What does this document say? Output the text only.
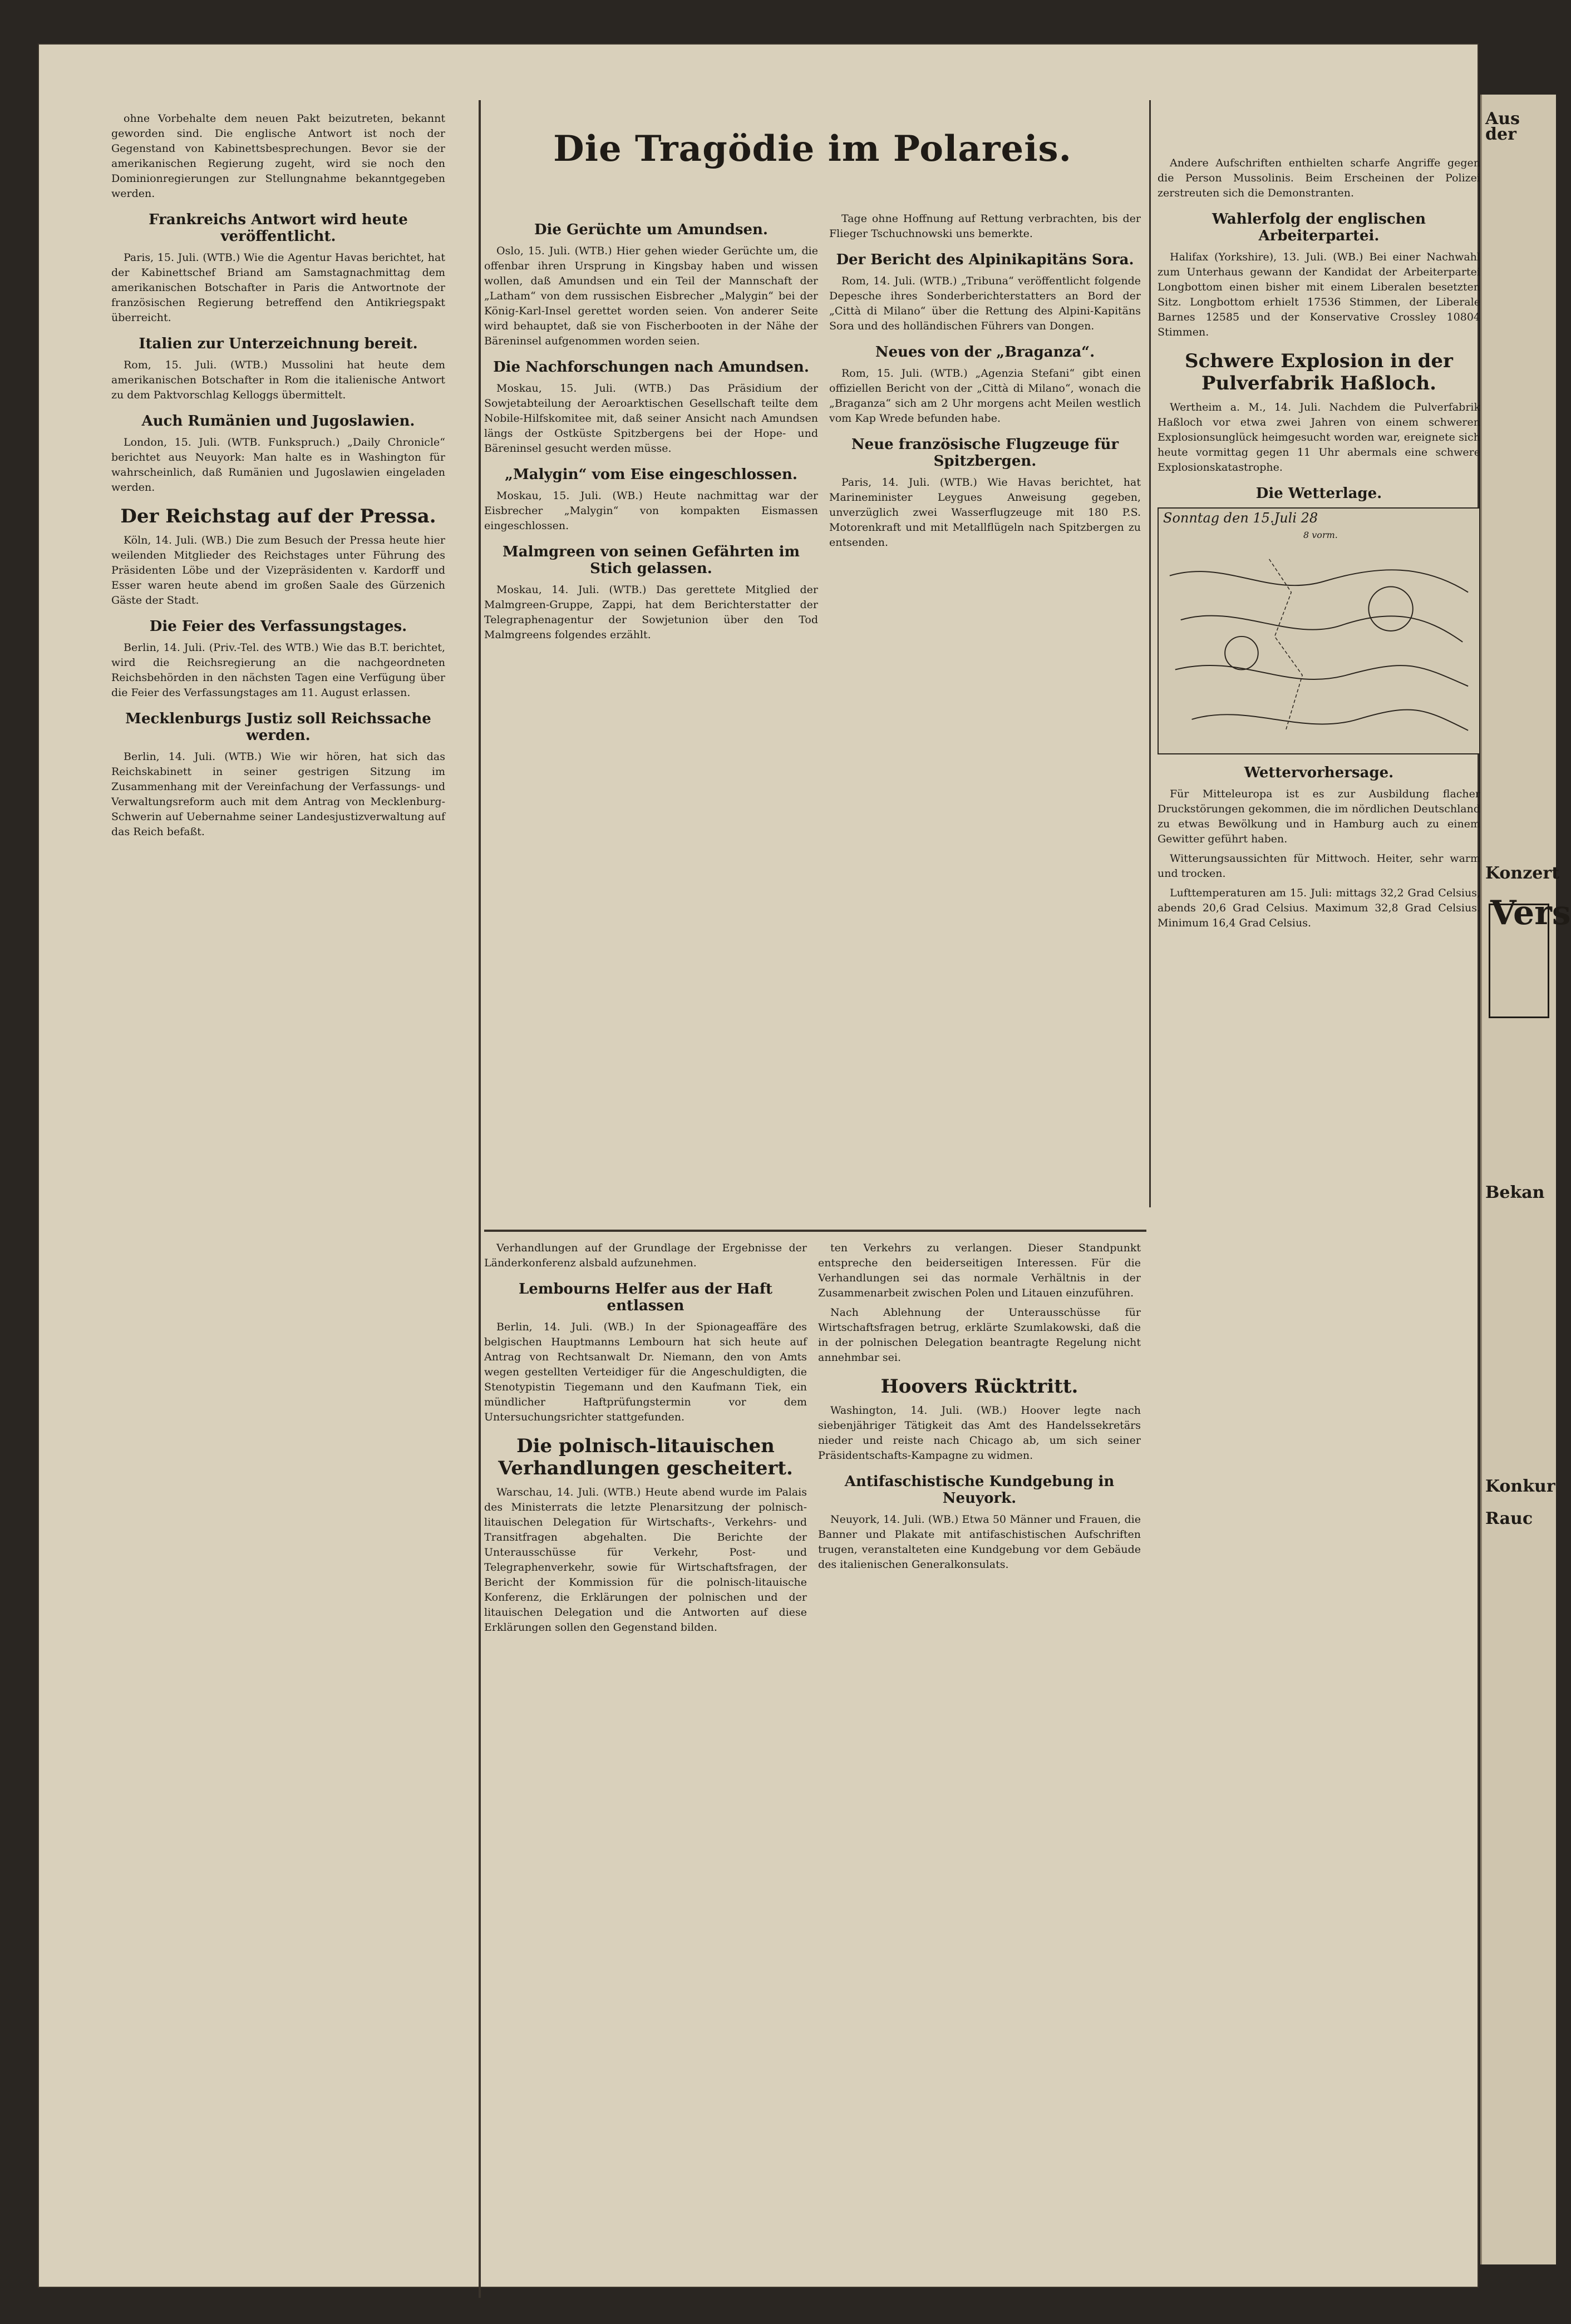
Die Tragödie im Polareis.

ohne Vorbehalte dem neuen Pakt beizutreten, bekannt geworden sind. Die englische Antwort ist noch der Gegenstand von Kabinettsbesprechungen. Bevor sie der amerikanischen Regierung zugeht, wird sie noch den Dominionregierungen zur Stellungnahme bekanntgegeben werden.

Frankreichs Antwort wird heute veröffentlicht.

Paris, 15. Juli. (WTB.) Wie die Agentur Havas berichtet, hat der Kabinettschef Briand am Samstagnachmittag dem amerikanischen Botschafter in Paris die Antwortnote der französischen Regierung betreffend den Antikriegspakt überreicht.

Italien zur Unterzeichnung bereit.

Rom, 15. Juli. (WTB.) Mussolini hat heute dem amerikanischen Botschafter in Rom die italienische Antwort zu dem Paktvorschlag Kelloggs übermittelt.

Auch Rumänien und Jugoslawien.

London, 15. Juli. (WTB. Funkspruch.) „Daily Chronicle“ berichtet aus Neuyork: Man halte es in Washington für wahrscheinlich, daß Rumänien und Jugoslawien eingeladen werden.

Der Reichstag auf der Pressa.

Köln, 14. Juli. (WB.) Die zum Besuch der Pressa heute hier weilenden Mitglieder des Reichstages unter Führung des Präsidenten Löbe und der Vizepräsidenten v. Kardorff und Esser waren heute abend im großen Saale des Gürzenich Gäste der Stadt.

Die Feier des Verfassungstages.

Berlin, 14. Juli. (Priv.-Tel. des WTB.) Wie das B.T. berichtet, wird die Reichsregierung an die nachgeordneten Reichsbehörden in den nächsten Tagen eine Verfügung über die Feier des Verfassungstages am 11. August erlassen.

Mecklenburgs Justiz soll Reichssache werden.

Berlin, 14. Juli. (WTB.) Wie wir hören, hat sich das Reichskabinett in seiner gestrigen Sitzung im Zusammenhang mit der Vereinfachung der Verfassungs- und Verwaltungsreform auch mit dem Antrag von Mecklenburg-Schwerin auf Uebernahme seiner Landesjustizverwaltung auf das Reich befaßt.

Die Gerüchte um Amundsen.

Oslo, 15. Juli. (WTB.) Hier gehen wieder Gerüchte um, die offenbar ihren Ursprung in Kingsbay haben und wissen wollen, daß Amundsen und ein Teil der Mannschaft der „Latham“ von dem russischen Eisbrecher „Malygin“ bei der König-Karl-Insel gerettet worden seien. Von anderer Seite wird behauptet, daß sie von Fischerbooten in der Nähe der Bäreninsel aufgenommen worden seien.

Die Nachforschungen nach Amundsen.

Moskau, 15. Juli. (WTB.) Das Präsidium der Sowjetabteilung der Aeroarktischen Gesellschaft teilte dem Nobile-Hilfskomitee mit, daß seiner Ansicht nach Amundsen längs der Ostküste Spitzbergens bei der Hope- und Bäreninsel gesucht werden müsse.

„Malygin“ vom Eise eingeschlossen.

Moskau, 15. Juli. (WB.) Heute nachmittag war der Eisbrecher „Malygin“ von kompakten Eismassen eingeschlossen.

Malmgreen von seinen Gefährten im Stich gelassen.

Moskau, 14. Juli. (WTB.) Das gerettete Mitglied der Malmgreen-Gruppe, Zappi, hat dem Berichterstatter der Telegraphenagentur der Sowjetunion über den Tod Malmgreens folgendes erzählt.

Tage ohne Hoffnung auf Rettung verbrachten, bis der Flieger Tschuchnowski uns bemerkte.

Der Bericht des Alpinikapitäns Sora.

Rom, 14. Juli. (WTB.) „Tribuna“ veröffentlicht folgende Depesche ihres Sonderberichterstatters an Bord der „Città di Milano“ über die Rettung des Alpini-Kapitäns Sora und des holländischen Führers van Dongen.

Neues von der „Braganza“.

Rom, 15. Juli. (WTB.) „Agenzia Stefani“ gibt einen offiziellen Bericht von der „Città di Milano“, wonach die „Braganza“ sich am 2 Uhr morgens acht Meilen westlich vom Kap Wrede befunden habe.

Neue französische Flugzeuge für Spitzbergen.

Paris, 14. Juli. (WTB.) Wie Havas berichtet, hat Marineminister Leygues Anweisung gegeben, unverzüglich zwei Wasserflugzeuge mit 180 P.S. Motorenkraft und mit Metallflügeln nach Spitzbergen zu entsenden.

Andere Aufschriften enthielten scharfe Angriffe gegen die Person Mussolinis. Beim Erscheinen der Polizei zerstreuten sich die Demonstranten.

Wahlerfolg der englischen Arbeiterpartei.

Halifax (Yorkshire), 13. Juli. (WB.) Bei einer Nachwahl zum Unterhaus gewann der Kandidat der Arbeiterpartei Longbottom einen bisher mit einem Liberalen besetzten Sitz. Longbottom erhielt 17536 Stimmen, der Liberale Barnes 12585 und der Konservative Crossley 10804 Stimmen.

Schwere Explosion in der Pulverfabrik Haßloch.

Wertheim a. M., 14. Juli. Nachdem die Pulverfabrik Haßloch vor etwa zwei Jahren von einem schweren Explosionsunglück heimgesucht worden war, ereignete sich heute vormittag gegen 11 Uhr abermals eine schwere Explosionskatastrophe.

Die Wetterlage.
Sonntag den 15.Juli 28
8 vorm.
Wettervorhersage.

Für Mitteleuropa ist es zur Ausbildung flacher Druckstörungen gekommen, die im nördlichen Deutschland zu etwas Bewölkung und in Hamburg auch zu einem Gewitter geführt haben.

Witterungsaussichten für Mittwoch. Heiter, sehr warm und trocken.

Lufttemperaturen am 15. Juli: mittags 32,2 Grad Celsius, abends 20,6 Grad Celsius. Maximum 32,8 Grad Celsius. Minimum 16,4 Grad Celsius.

Verhandlungen auf der Grundlage der Ergebnisse der Länderkonferenz alsbald aufzunehmen.

Lembourns Helfer aus der Haft entlassen

Berlin, 14. Juli. (WB.) In der Spionageaffäre des belgischen Hauptmanns Lembourn hat sich heute auf Antrag von Rechtsanwalt Dr. Niemann, den von Amts wegen gestellten Verteidiger für die Angeschuldigten, die Stenotypistin Tiegemann und den Kaufmann Tiek, ein mündlicher Haftprüfungstermin vor dem Untersuchungsrichter stattgefunden.

Die polnisch-litauischen Verhandlungen gescheitert.

Warschau, 14. Juli. (WTB.) Heute abend wurde im Palais des Ministerrats die letzte Plenarsitzung der polnisch-litauischen Delegation für Wirtschafts-, Verkehrs- und Transitfragen abgehalten. Die Berichte der Unterausschüsse für Verkehr, Post- und Telegraphenverkehr, sowie für Wirtschaftsfragen, der Bericht der Kommission für die polnisch-litauische Konferenz, die Erklärungen der polnischen und der litauischen Delegation und die Antworten auf diese Erklärungen sollen den Gegenstand bilden.

ten Verkehrs zu verlangen. Dieser Standpunkt entspreche den beiderseitigen Interessen. Für die Verhandlungen sei das normale Verhältnis in der Zusammenarbeit zwischen Polen und Litauen einzuführen.

Nach Ablehnung der Unterausschüsse für Wirtschaftsfragen betrug, erklärte Szumlakowski, daß die in der polnischen Delegation beantragte Regelung nicht annehmbar sei.

Hoovers Rücktritt.

Washington, 14. Juli. (WB.) Hoover legte nach siebenjähriger Tätigkeit das Amt des Handelssekretärs nieder und reiste nach Chicago ab, um sich seiner Präsidentschafts-Kampagne zu widmen.

Antifaschistische Kundgebung in Neuyork.

Neuyork, 14. Juli. (WB.) Etwa 50 Männer und Frauen, die Banner und Plakate mit antifaschistischen Aufschriften trugen, veranstalteten eine Kundgebung vor dem Gebäude des italienischen Generalkonsulats.

Aus der
Konzert
Vers
Bekan
Konkur
Rauc
